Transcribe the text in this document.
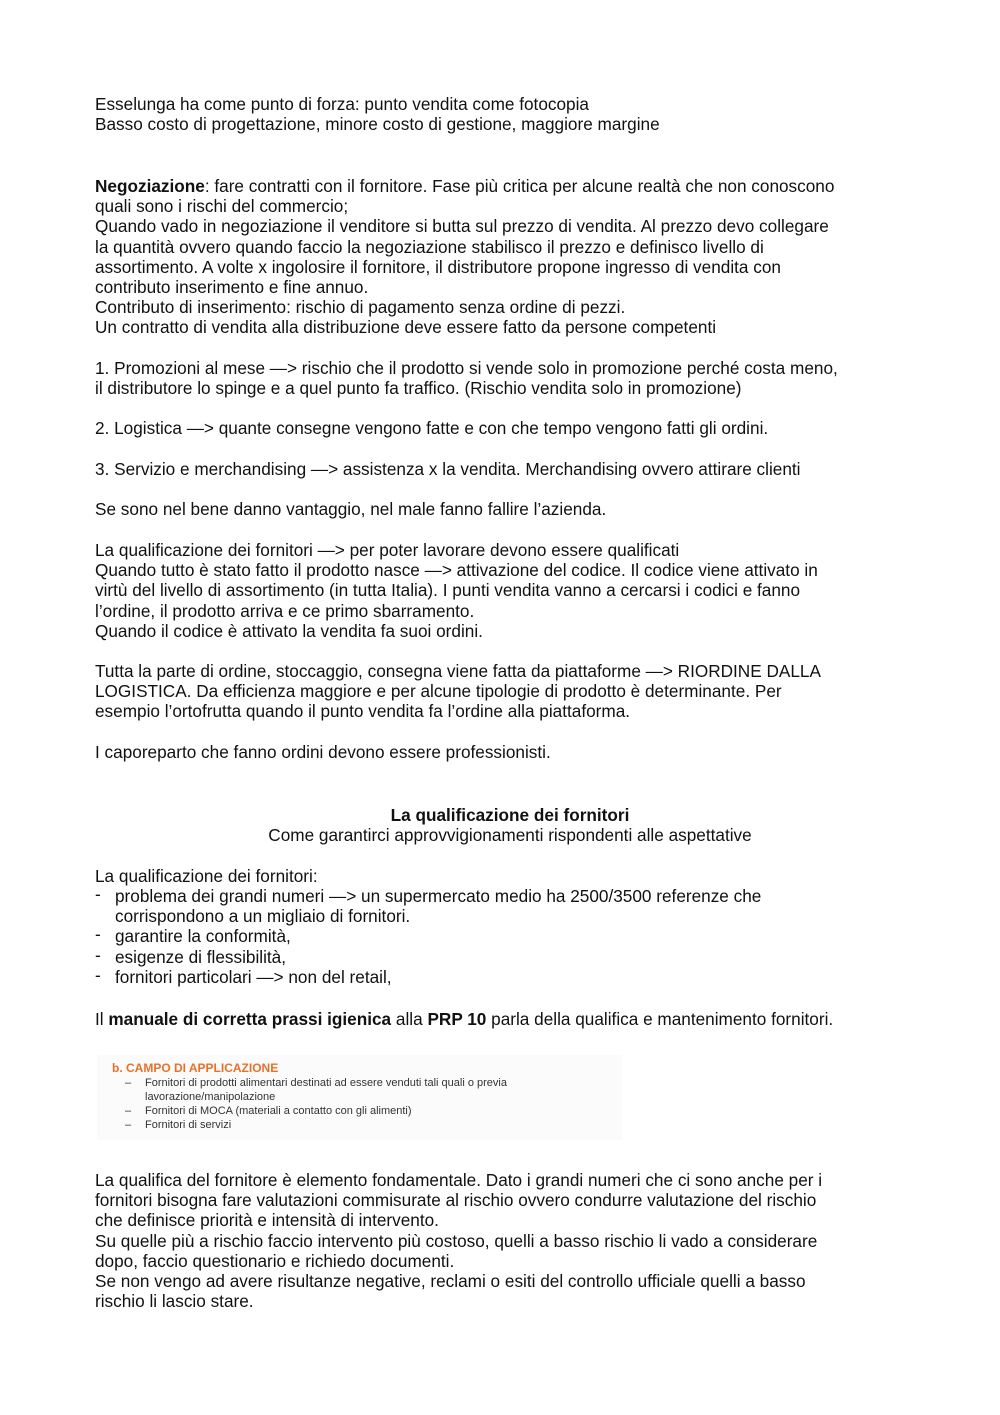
Esselunga ha come punto di forza: punto vendita come fotocopia
Basso costo di progettazione, minore costo di gestione, maggiore margine
Negoziazione: fare contratti con il fornitore. Fase più critica per alcune realtà che non conoscono
quali sono i rischi del commercio;
Quando vado in negoziazione il venditore si butta sul prezzo di vendita. Al prezzo devo collegare
la quantità ovvero quando faccio la negoziazione stabilisco il prezzo e definisco livello di
assortimento. A volte x ingolosire il fornitore, il distributore propone ingresso di vendita con
contributo inserimento e fine annuo.
Contributo di inserimento: rischio di pagamento senza ordine di pezzi.
Un contratto di vendita alla distribuzione deve essere fatto da persone competenti
1. Promozioni al mese —> rischio che il prodotto si vende solo in promozione perché costa meno,
il distributore lo spinge e a quel punto fa traffico. (Rischio vendita solo in promozione)
2. Logistica —> quante consegne vengono fatte e con che tempo vengono fatti gli ordini.
3. Servizio e merchandising —> assistenza x la vendita. Merchandising ovvero attirare clienti
Se sono nel bene danno vantaggio, nel male fanno fallire l’azienda.
La qualificazione dei fornitori —> per poter lavorare devono essere qualificati
Quando tutto è stato fatto il prodotto nasce —> attivazione del codice. Il codice viene attivato in
virtù del livello di assortimento (in tutta Italia). I punti vendita vanno a cercarsi i codici e fanno
l’ordine, il prodotto arriva e ce primo sbarramento.
Quando il codice è attivato la vendita fa suoi ordini.
Tutta la parte di ordine, stoccaggio, consegna viene fatta da piattaforme —> RIORDINE DALLA
LOGISTICA. Da efficienza maggiore e per alcune tipologie di prodotto è determinante. Per
esempio l’ortofrutta quando il punto vendita fa l’ordine alla piattaforma.
I caporeparto che fanno ordini devono essere professionisti.
La qualificazione dei fornitori
Come garantirci approvvigionamenti rispondenti alle aspettative
La qualificazione dei fornitori:
- problema dei grandi numeri —> un supermercato medio ha 2500/3500 referenze che
corrispondono a un migliaio di fornitori.
- garantire la conformità,
- esigenze di flessibilità,
- fornitori particolari —> non del retail,
Il manuale di corretta prassi igienica alla PRP 10 parla della qualifica e mantenimento fornitori.
b. CAMPO DI APPLICAZIONE
– Fornitori di prodotti alimentari destinati ad essere venduti tali quali o previa
lavorazione/manipolazione
– Fornitori di MOCA (materiali a contatto con gli alimenti)
– Fornitori di servizi
La qualifica del fornitore è elemento fondamentale. Dato i grandi numeri che ci sono anche per i
fornitori bisogna fare valutazioni commisurate al rischio ovvero condurre valutazione del rischio
che definisce priorità e intensità di intervento.
Su quelle più a rischio faccio intervento più costoso, quelli a basso rischio li vado a considerare
dopo, faccio questionario e richiedo documenti.
Se non vengo ad avere risultanze negative, reclami o esiti del controllo ufficiale quelli a basso
rischio li lascio stare.
